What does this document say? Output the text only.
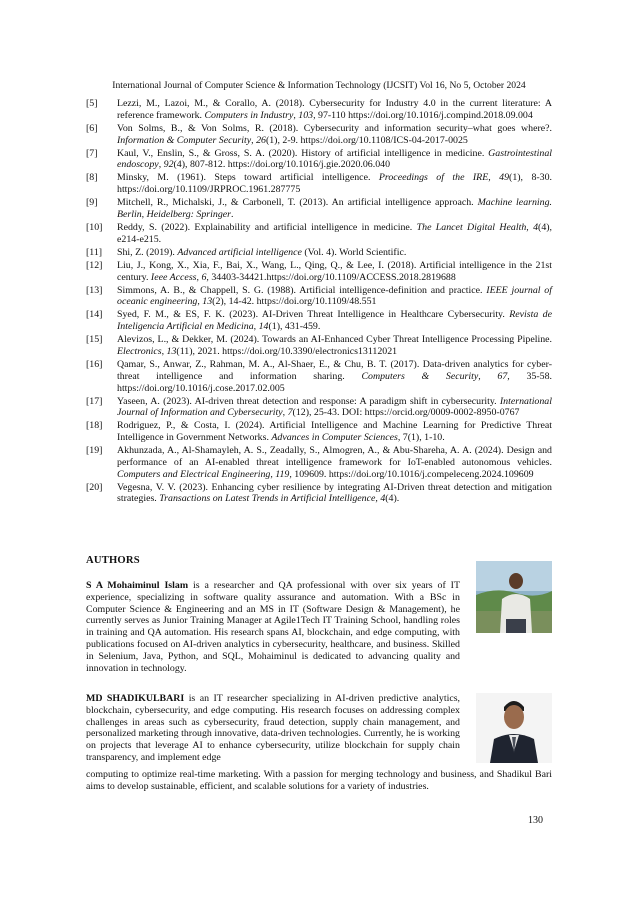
International Journal of Computer Science & Information Technology (IJCSIT) Vol 16, No 5, October 2024
[5]	Lezzi, M., Lazoi, M., & Corallo, A. (2018). Cybersecurity for Industry 4.0 in the current literature: A reference framework. Computers in Industry, 103, 97-110 https://doi.org/10.1016/j.compind.2018.09.004
[6]	Von Solms, B., & Von Solms, R. (2018). Cybersecurity and information security–what goes where?. Information & Computer Security, 26(1), 2-9. https://doi.org/10.1108/ICS-04-2017-0025
[7]	Kaul, V., Enslin, S., & Gross, S. A. (2020). History of artificial intelligence in medicine. Gastrointestinal endoscopy, 92(4), 807-812. https://doi.org/10.1016/j.gie.2020.06.040
[8]	Minsky, M. (1961). Steps toward artificial intelligence. Proceedings of the IRE, 49(1), 8-30. https://doi.org/10.1109/JRPROC.1961.287775
[9]	Mitchell, R., Michalski, J., & Carbonell, T. (2013). An artificial intelligence approach. Machine learning. Berlin, Heidelberg: Springer.
[10]	Reddy, S. (2022). Explainability and artificial intelligence in medicine. The Lancet Digital Health, 4(4), e214-e215.
[11]	Shi, Z. (2019). Advanced artificial intelligence (Vol. 4). World Scientific.
[12]	Liu, J., Kong, X., Xia, F., Bai, X., Wang, L., Qing, Q., & Lee, I. (2018). Artificial intelligence in the 21st century. Ieee Access, 6, 34403-34421.https://doi.org/10.1109/ACCESS.2018.2819688
[13]	Simmons, A. B., & Chappell, S. G. (1988). Artificial intelligence-definition and practice. IEEE journal of oceanic engineering, 13(2), 14-42. https://doi.org/10.1109/48.551
[14]	Syed, F. M., & ES, F. K. (2023). AI-Driven Threat Intelligence in Healthcare Cybersecurity. Revista de Inteligencia Artificial en Medicina, 14(1), 431-459.
[15]	Alevizos, L., & Dekker, M. (2024). Towards an AI-Enhanced Cyber Threat Intelligence Processing Pipeline. Electronics, 13(11), 2021. https://doi.org/10.3390/electronics13112021
[16]	Qamar, S., Anwar, Z., Rahman, M. A., Al-Shaer, E., & Chu, B. T. (2017). Data-driven analytics for cyber-threat intelligence and information sharing. Computers & Security, 67, 35-58. https://doi.org/10.1016/j.cose.2017.02.005
[17]	Yaseen, A. (2023). AI-driven threat detection and response: A paradigm shift in cybersecurity. International Journal of Information and Cybersecurity, 7(12), 25-43. DOI: https://orcid.org/0009-0002-8950-0767
[18]	Rodriguez, P., & Costa, I. (2024). Artificial Intelligence and Machine Learning for Predictive Threat Intelligence in Government Networks. Advances in Computer Sciences, 7(1), 1-10.
[19]	Akhunzada, A., Al-Shamayleh, A. S., Zeadally, S., Almogren, A., & Abu-Shareha, A. A. (2024). Design and performance of an AI-enabled threat intelligence framework for IoT-enabled autonomous vehicles. Computers and Electrical Engineering, 119, 109609. https://doi.org/10.1016/j.compeleceng.2024.109609
[20]	Vegesna, V. V. (2023). Enhancing cyber resilience by integrating AI-Driven threat detection and mitigation strategies. Transactions on Latest Trends in Artificial Intelligence, 4(4).
AUTHORS
S A Mohaiminul Islam is a researcher and QA professional with over six years of IT experience, specializing in software quality assurance and automation. With a BSc in Computer Science & Engineering and an MS in IT (Software Design & Management), he currently serves as Junior Training Manager at Agile1Tech IT Training School, handling roles in training and QA automation. His research spans AI, blockchain, and edge computing, with publications focused on AI-driven analytics in cybersecurity, healthcare, and business. Skilled in Selenium, Java, Python, and SQL, Mohaiminul is dedicated to advancing quality and innovation in technology.
MD SHADIKULBARI is an IT researcher specializing in AI-driven predictive analytics, blockchain, cybersecurity, and edge computing. His research focuses on addressing complex challenges in areas such as cybersecurity, fraud detection, supply chain management, and personalized marketing through innovative, data-driven technologies. Currently, he is working on projects that leverage AI to enhance cybersecurity, utilize blockchain for supply chain transparency, and implement edge
computing to optimize real-time marketing. With a passion for merging technology and business, and Shadikul Bari aims to develop sustainable, efficient, and scalable solutions for a variety of industries.
130
